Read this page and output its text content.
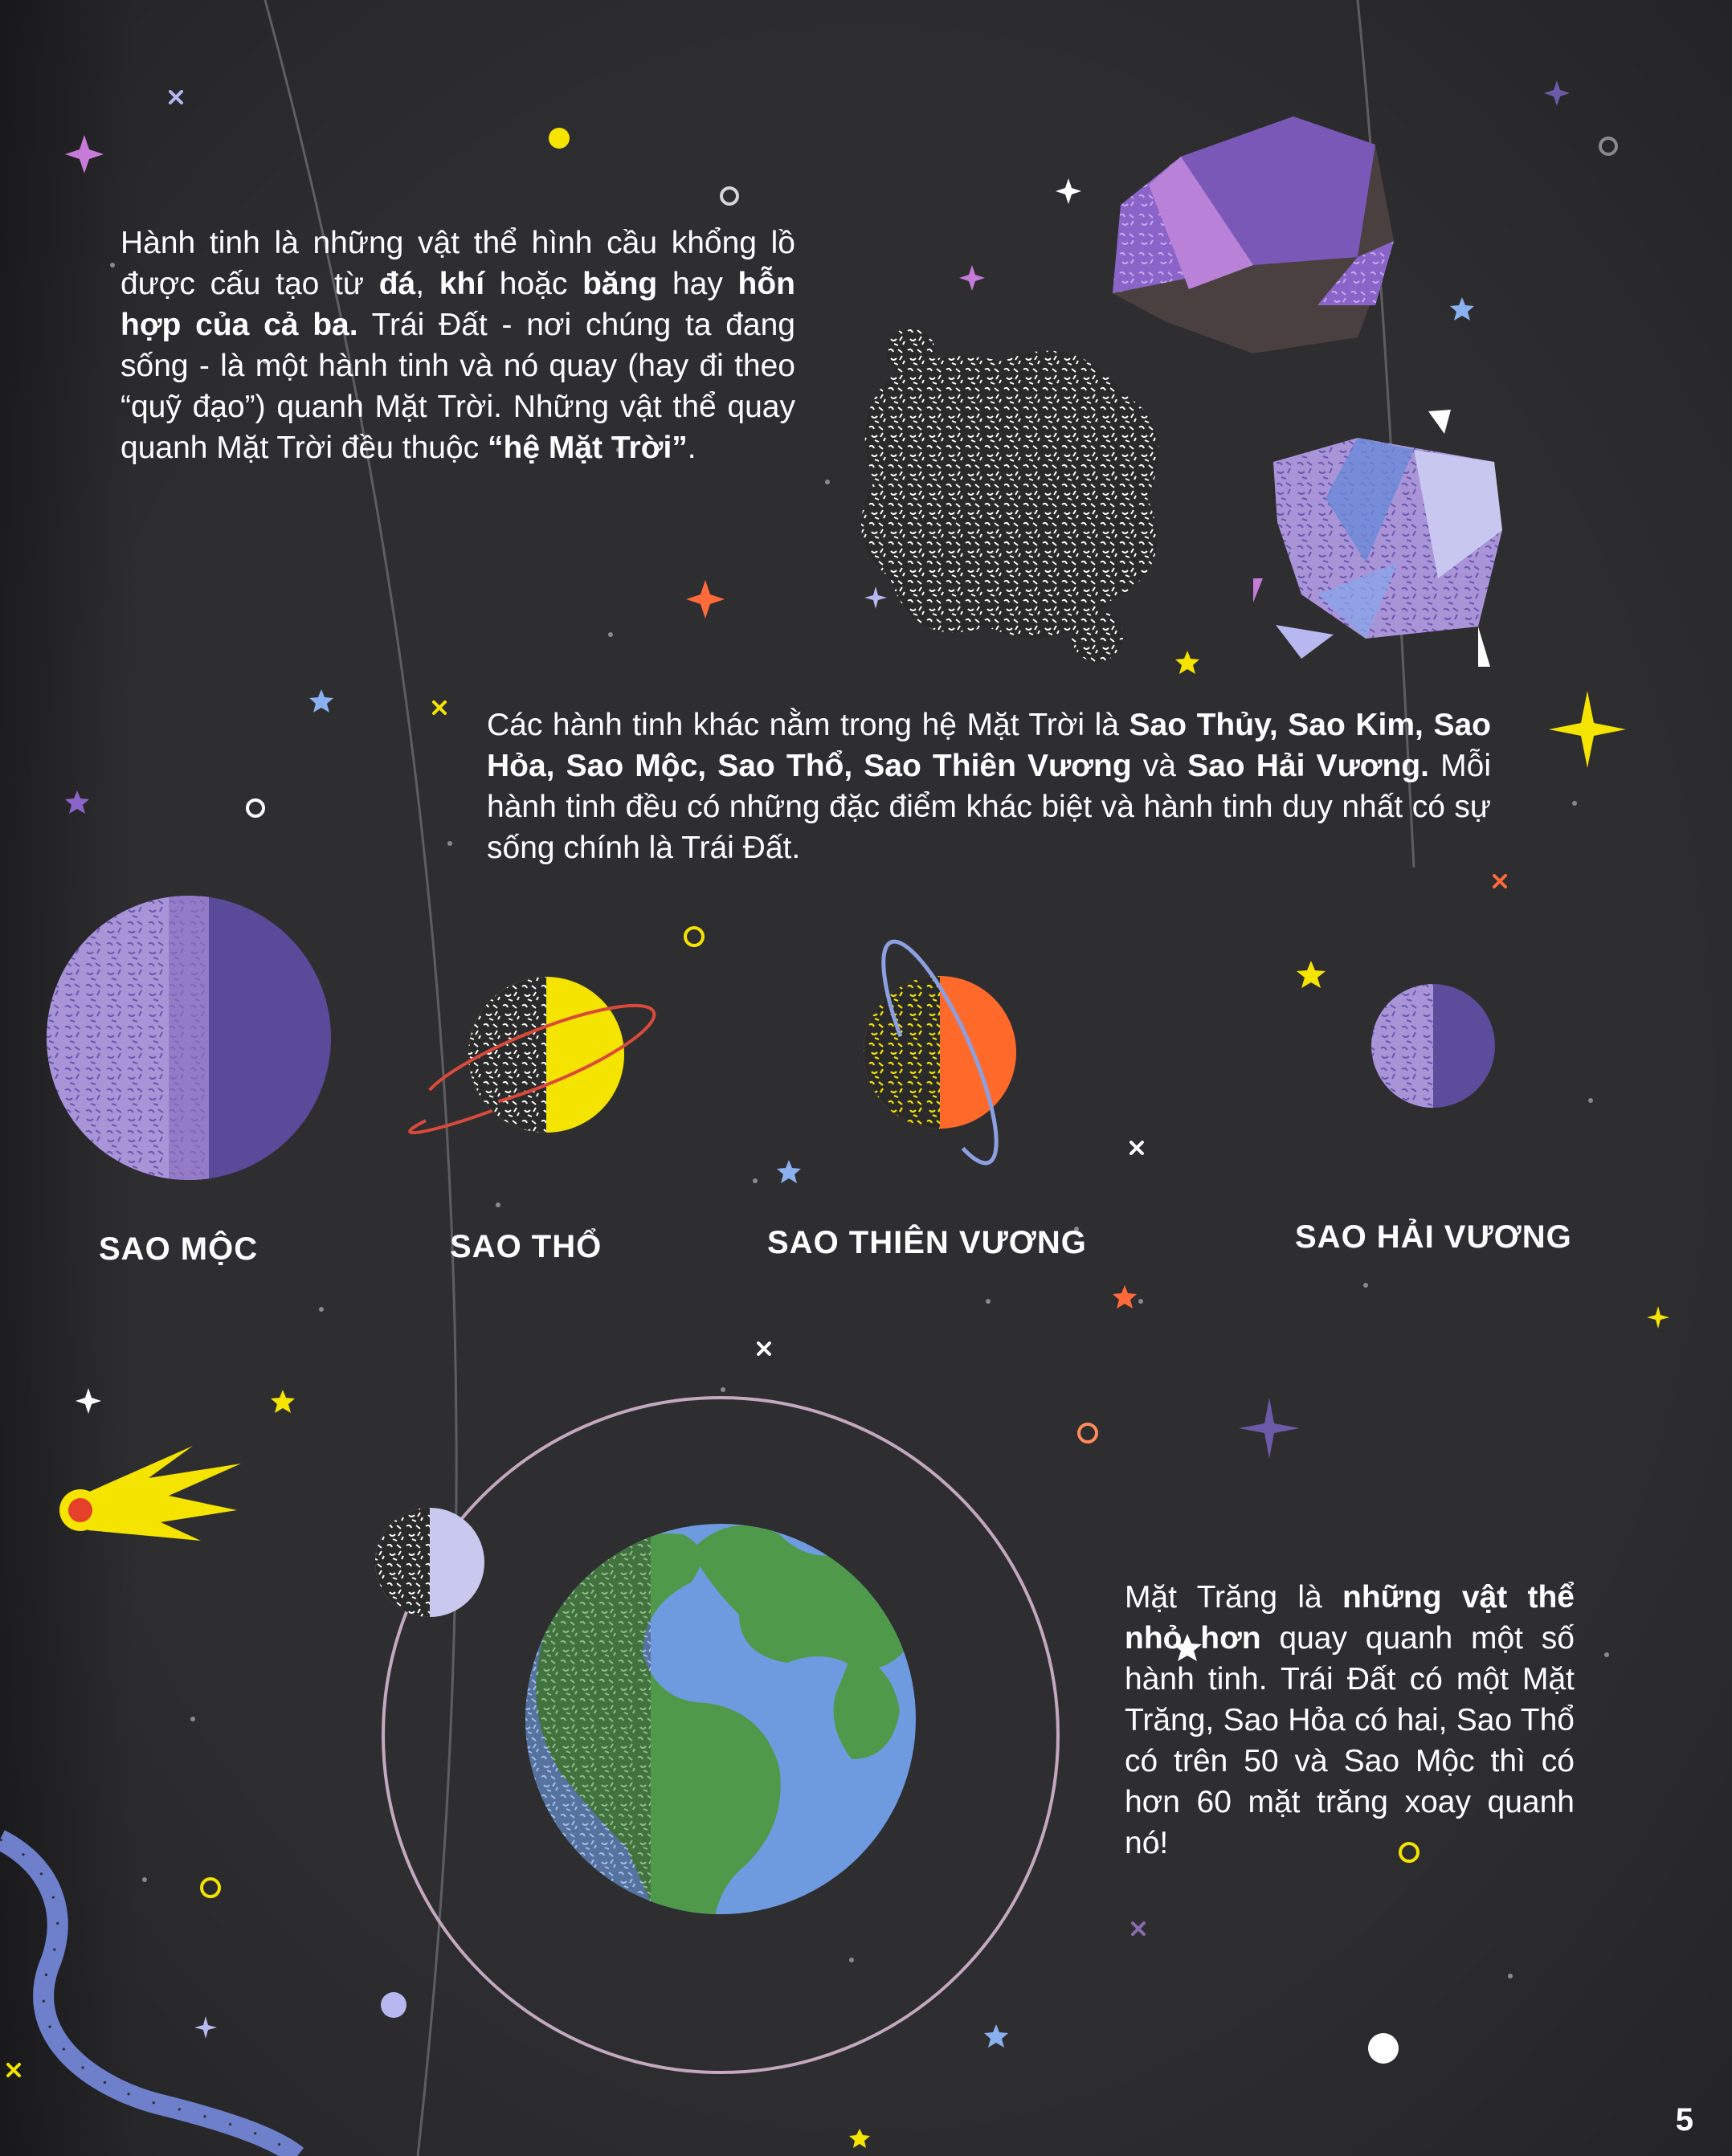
Hành tinh là những vật thể hình cầu khổng lồ được cấu tạo từ đá, khí hoặc băng hay hỗn hợp của cả ba. Trái Đất - nơi chúng ta đang sống - là một hành tinh và nó quay (hay đi theo “quỹ đạo”) quanh Mặt Trời. Những vật thể quay quanh Mặt Trời đều thuộc “hệ Mặt Trời”.

Các hành tinh khác nằm trong hệ Mặt Trời là Sao Thủy, Sao Kim, Sao Hỏa, Sao Mộc, Sao Thổ, Sao Thiên Vương và Sao Hải Vương. Mỗi hành tinh đều có những đặc điểm khác biệt và hành tinh duy nhất có sự sống chính là Trái Đất.

SAO MỘC	SAO THỔ	SAO THIÊN VƯƠNG	SAO HẢI VƯƠNG

Mặt Trăng là những vật thể nhỏ hơn quay quanh một số hành tinh. Trái Đất có một Mặt Trăng, Sao Hỏa có hai, Sao Thổ có trên 50 và Sao Mộc thì có hơn 60 mặt trăng xoay quanh nó!

5
